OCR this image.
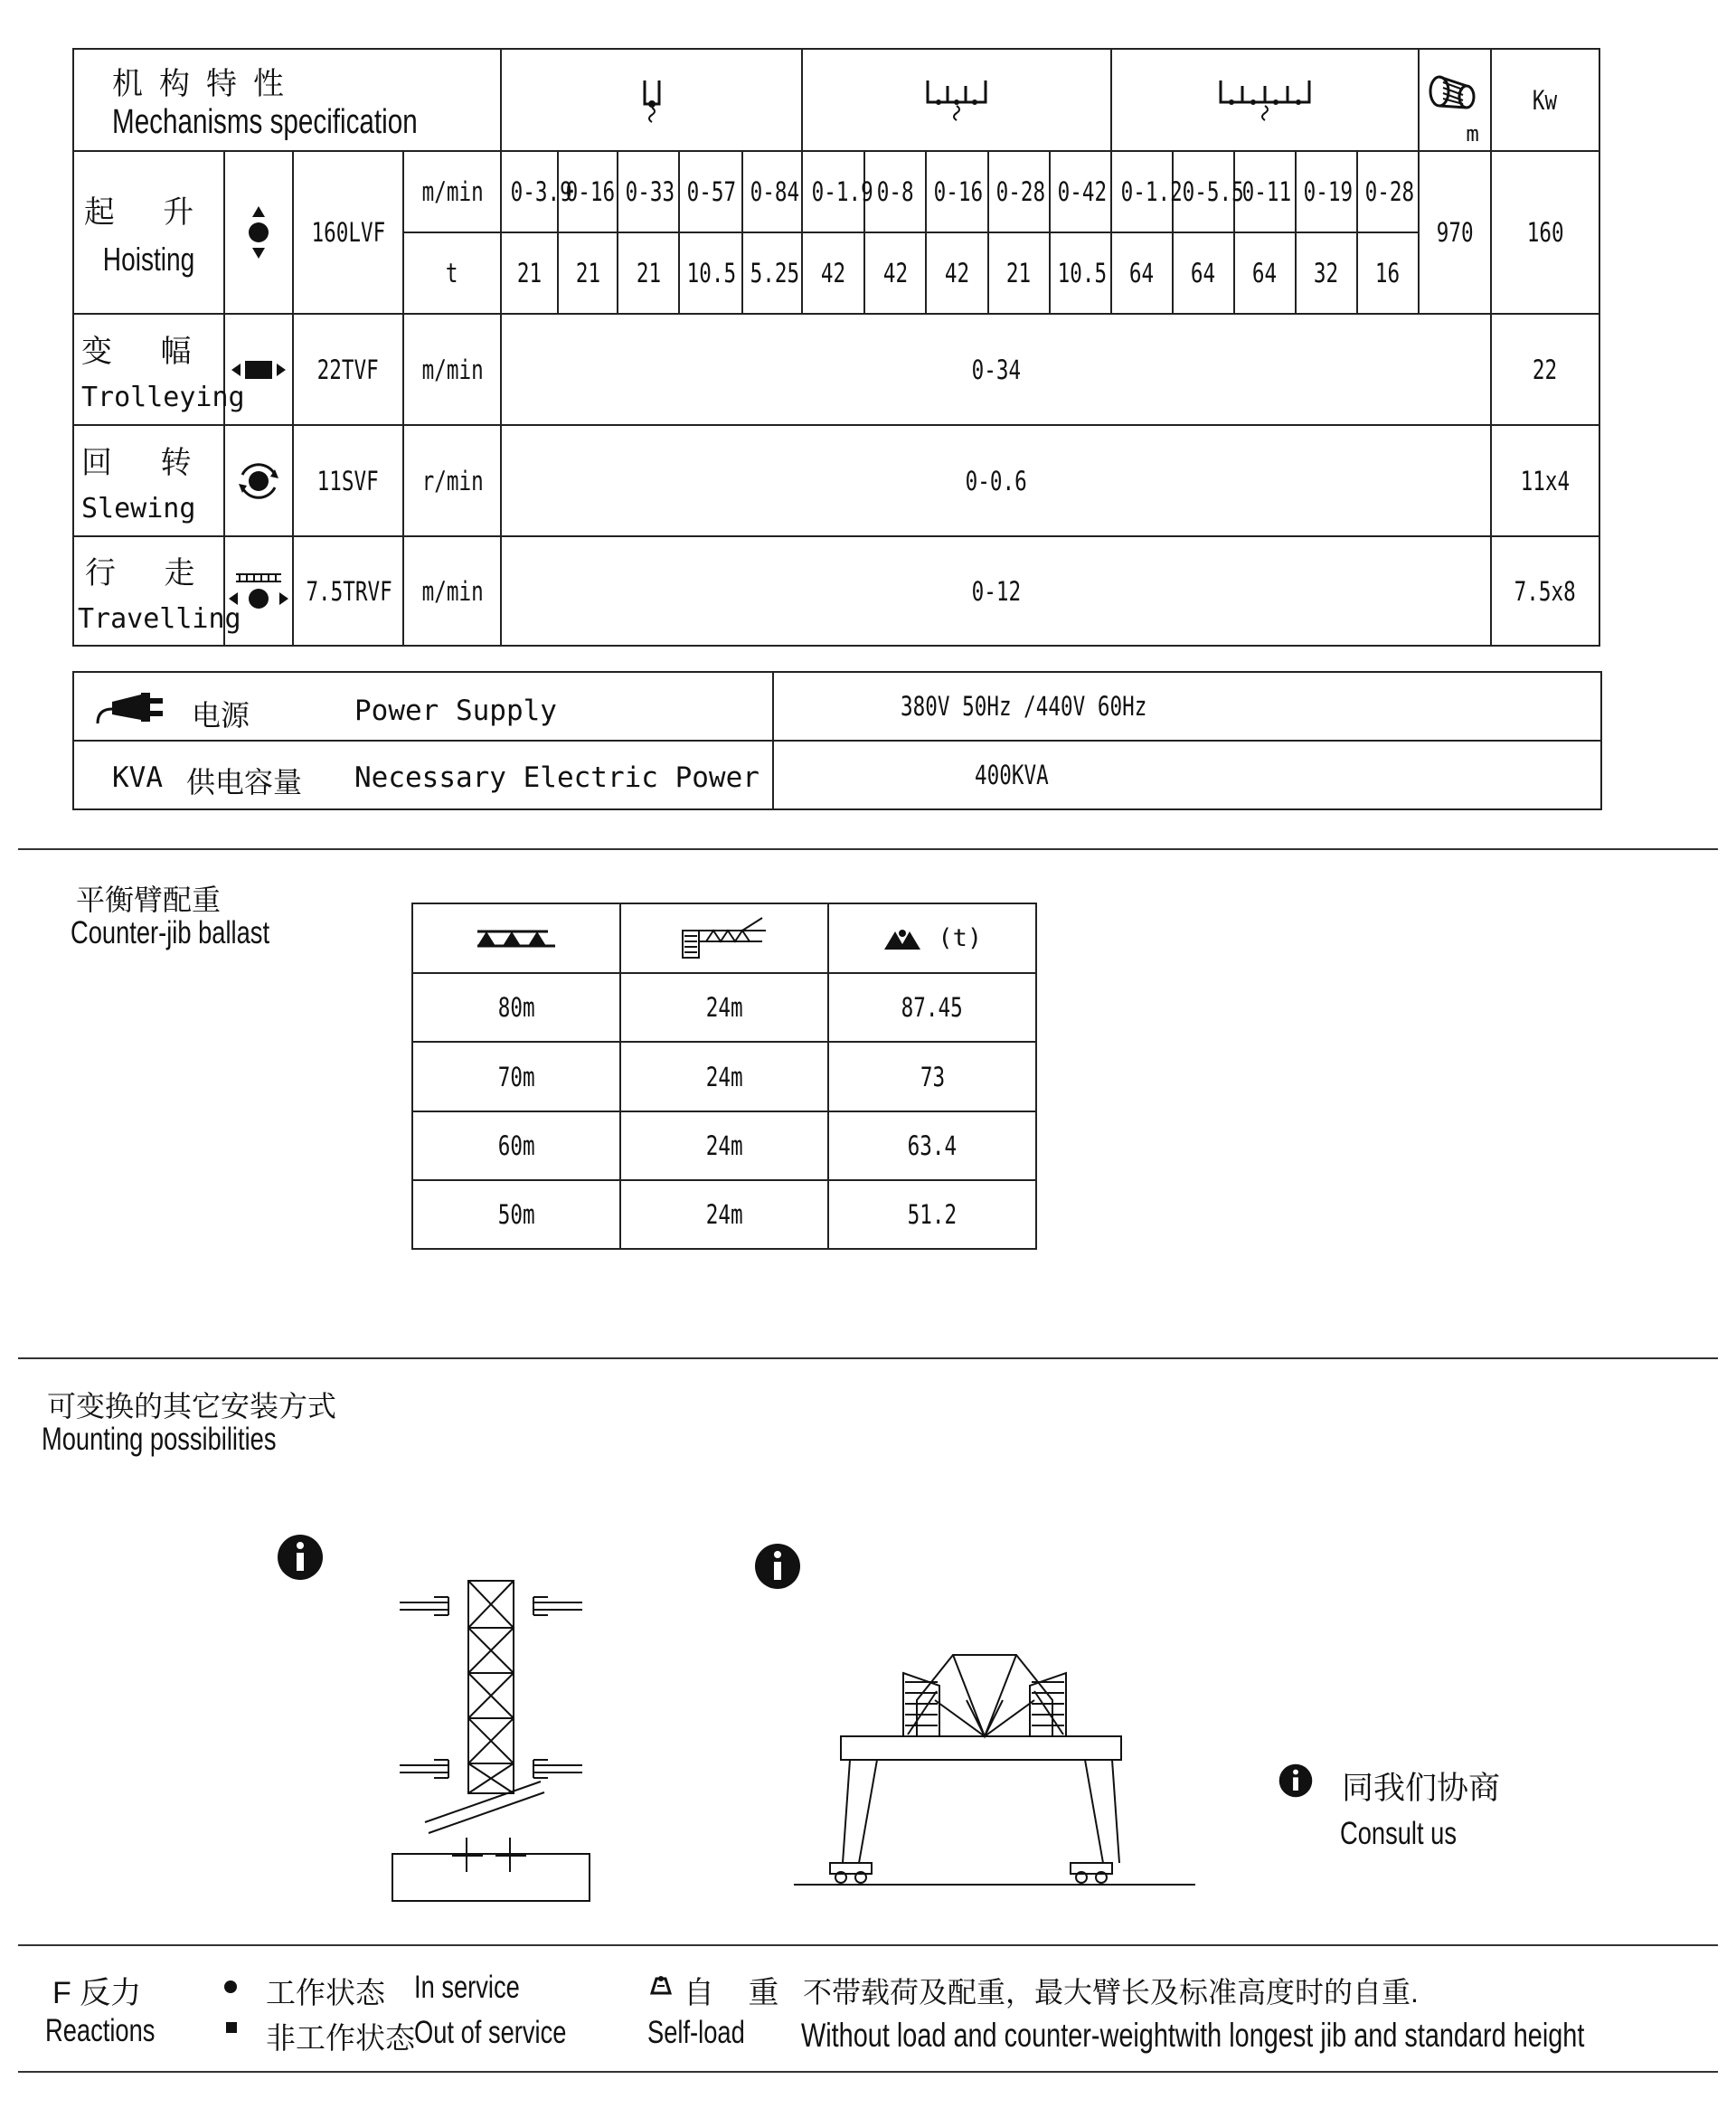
机构特性
Mechanisms specification																			m	Kw

起 升
Hoisting		160LVF	m/min	0-3.9	0-16	0-33	0-57	0-84	0-1.9	0-8	0-16	0-28	0-42	0-1.2	0-5.5	0-11	0-19	0-28	970	160
			t	21	21	21	10.5	5.25	42	42	42	21	10.5	64	64	64	32	16		

变 幅
Trolleying		22TVF	m/min	0-34																22

回 转
Slewing		11SVF	r/min	0-0.6																11x4

行 走
Travelling		7.5TRVF	m/min	0-12																7.5x8
电源 Power Supply	380V 50Hz /440V 60Hz

KVA 供电容量 Necessary Electric Power	400KVA
平衡臂配重
Counter-jib ballast

		(t)
80m	24m	87.45
70m	24m	73
60m	24m	63.4
50m	24m	51.2
可变换的其它安装方式
Mounting possibilities
同我们协商
Consult us
F 反力
Reactions
工作状态 In service
非工作状态 Out of service
自 重
Self-load
不带载荷及配重，最大臂长及标准高度时的自重.
Without load and counter-weightwith longest jib and standard height
